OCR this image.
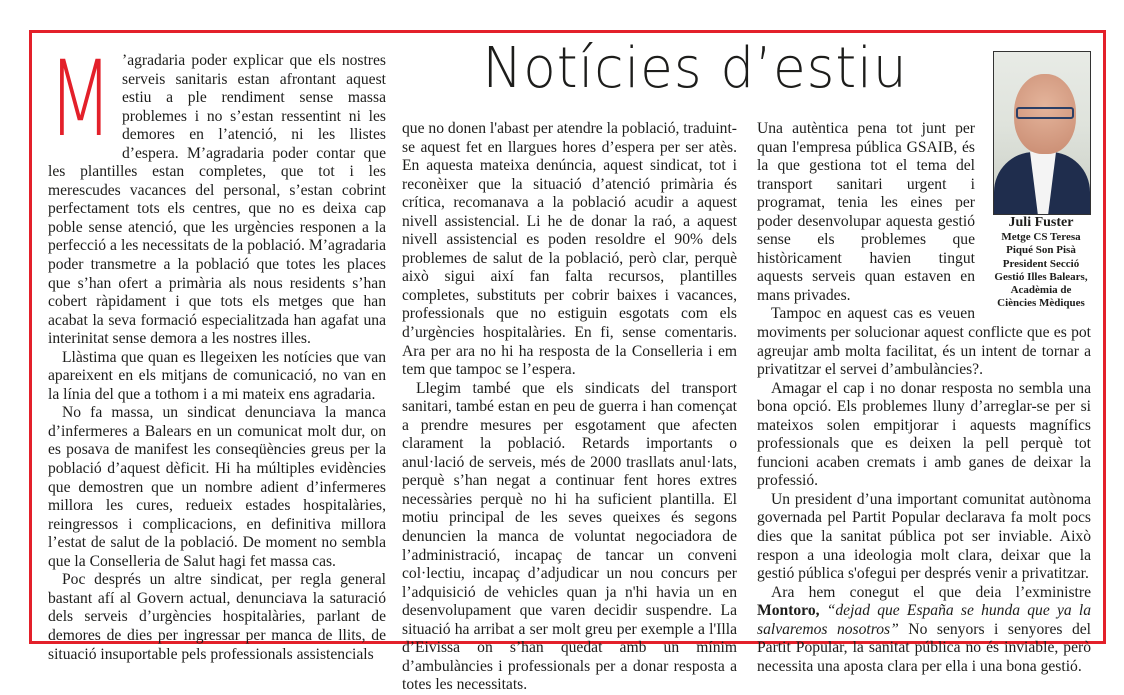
Notícies d’estiu
M ’agradaria poder explicar que els nostres serveis sanitaris estan afrontant aquest estiu a ple rendiment sense massa problemes i no s’estan ressentint ni les demores en l’atenció, ni les llistes d’espera. M’agradaria poder contar que les plantilles estan completes, que tot i les merescudes vacances del personal, s’estan cobrint perfectament tots els centres, que no es deixa cap poble sense atenció, que les urgències responen a la perfecció a les necessitats de la població. M’agradaria poder transmetre a la població que totes les places que s’han ofert a primària als nous residents s’han cobert ràpidament i que tots els metges que han acabat la seva formació especialitzada han agafat una interinitat sense demora a les nostres illes.

Llàstima que quan es llegeixen les notícies que van apareixent en els mitjans de comunicació, no van en la línia del que a tothom i a mi mateix ens agradaria.

No fa massa, un sindicat denunciava la manca d’infermeres a Balears en un comunicat molt dur, on es posava de manifest les conseqüències greus per la població d’aquest dèficit. Hi ha múltiples evidències que demostren que un nombre adient d’infermeres millora les cures, redueix estades hospitalàries, reingressos i complicacions, en definitiva millora l’estat de salut de la població. De moment no sembla que la Conselleria de Salut hagi fet massa cas.

Poc després un altre sindicat, per regla general bastant afí al Govern actual, denunciava la saturació dels serveis d’urgències hospitalàries, parlant de demores de dies per ingressar per manca de llits, de situació insuportable pels professionals assistencials

que no donen l'abast per atendre la població, traduint-se aquest fet en llargues hores d’espera per ser atès. En aquesta mateixa denúncia, aquest sindicat, tot i reconèixer que la situació d’atenció primària és crítica, recomanava a la població acudir a aquest nivell assistencial. Li he de donar la raó, a aquest nivell assistencial es poden resoldre el 90% dels problemes de salut de la població, però clar, perquè això sigui així fan falta recursos, plantilles completes, substituts per cobrir baixes i vacances, professionals que no estiguin esgotats com els d’urgències hospitalàries. En fi, sense comentaris. Ara per ara no hi ha resposta de la Conselleria i em tem que tampoc se l’espera.

Llegim també que els sindicats del transport sanitari, també estan en peu de guerra i han començat a prendre mesures per esgotament que afecten clarament la població. Retards importants o anul·lació de serveis, més de 2000 trasllats anul·lats, perquè s’han negat a continuar fent hores extres necessàries perquè no hi ha suficient plantilla. El motiu principal de les seves queixes és segons denuncien la manca de voluntat negociadora de l’administració, incapaç de tancar un conveni col·lectiu, incapaç d’adjudicar un nou concurs per l’adquisició de vehicles quan ja n'hi havia un en desenvolupament que varen decidir suspendre. La situació ha arribat a ser molt greu per exemple a l'Illa d’Eivissa on s’han quedat amb un mínim d’ambulàncies i professionals per a donar resposta a totes les necessitats.

Una autèntica pena tot junt per quan l'empresa pública GSAIB, és la que gestiona tot el tema del transport sanitari urgent i programat, tenia les eines per poder desenvolupar aquesta gestió sense els problemes que històricament havien tingut aquests serveis quan estaven en mans privades.

Tampoc en aquest cas es veuen moviments per solucionar aquest conflicte que es pot agreujar amb molta facilitat, és un intent de tornar a privatitzar el servei d’ambulàncies?.

Amagar el cap i no donar resposta no sembla una bona opció. Els problemes lluny d’arreglar-se per si mateixos solen empitjorar i aquests magnífics professionals que es deixen la pell perquè tot funcioni acaben cremats i amb ganes de deixar la professió.

Un president d’una important comunitat autònoma governada pel Partit Popular declarava fa molt pocs dies que la sanitat pública pot ser inviable. Això respon a una ideologia molt clara, deixar que la gestió pública s'ofegui per després venir a privatitzar.

Ara hem conegut el que deia l’exministre Montoro, “dejad que España se hunda que ya la salvaremos nosotros” No senyors i senyores del Partit Popular, la sanitat pública no és inviable, però necessita una aposta clara per ella i una bona gestió.

Juli Fuster
Metge CS Teresa
Piqué Son Pisà
President Secció
Gestió Illes Balears,
Acadèmia de
Ciències Mèdiques
